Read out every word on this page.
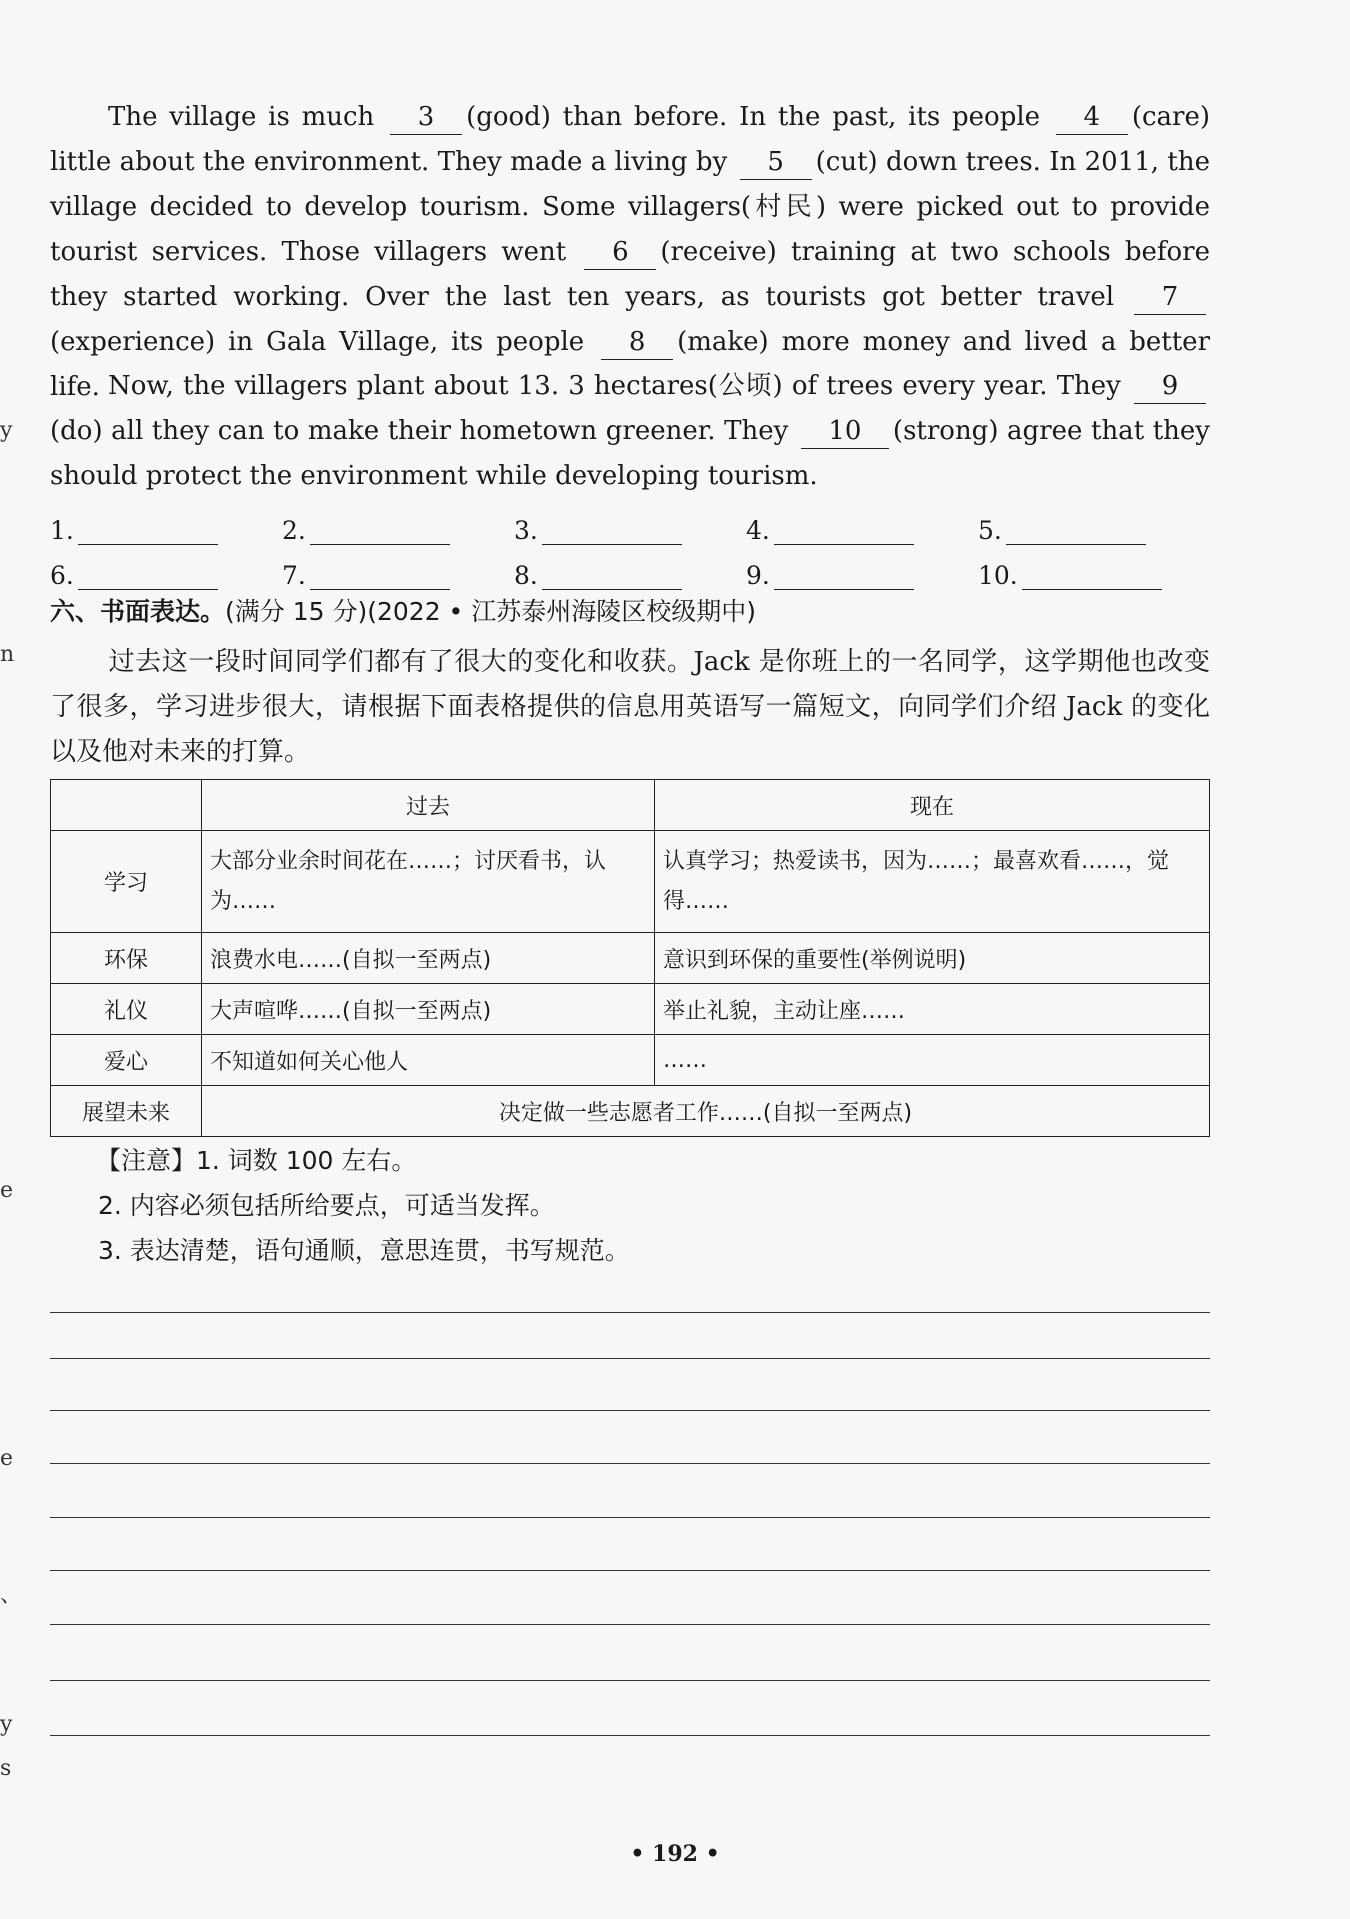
y
n
e
e
、
y
s
The village is much 3 (good) than before. In the past, its people 4 (care) little about the environment. They made a living by 5 (cut) down trees. In 2011, the village decided to develop tourism. Some villagers(村民) were picked out to provide tourist services. Those villagers went 6 (receive) training at two schools before they started working. Over the last ten years, as tourists got better travel 7(experience) in Gala Village, its people 8 (make) more money and lived a better life. Now, the villagers plant about 13. 3 hectares(公顷) of trees every year. They 9(do) all they can to make their hometown greener. They 10 (strong) agree that they should protect the environment while developing tourism.
1.	2.	3.	4.	5.
6.	7.	8.	9.	10.
六、书面表达。(满分 15 分)(2022 • 江苏泰州海陵区校级期中)
过去这一段时间同学们都有了很大的变化和收获。Jack 是你班上的一名同学，这学期他也改变了很多，学习进步很大，请根据下面表格提供的信息用英语写一篇短文，向同学们介绍 Jack 的变化以及他对未来的打算。
	过去	现在
学习	大部分业余时间花在……；讨厌看书，认为……	认真学习；热爱读书，因为……；最喜欢看……，觉得……
环保	浪费水电……(自拟一至两点)	意识到环保的重要性(举例说明)
礼仪	大声喧哗……(自拟一至两点)	举止礼貌，主动让座……
爱心	不知道如何关心他人	……
展望未来	决定做一些志愿者工作……(自拟一至两点)	
【注意】1. 词数 100 左右。
2. 内容必须包括所给要点，可适当发挥。
3. 表达清楚，语句通顺，意思连贯，书写规范。
• 192 •
